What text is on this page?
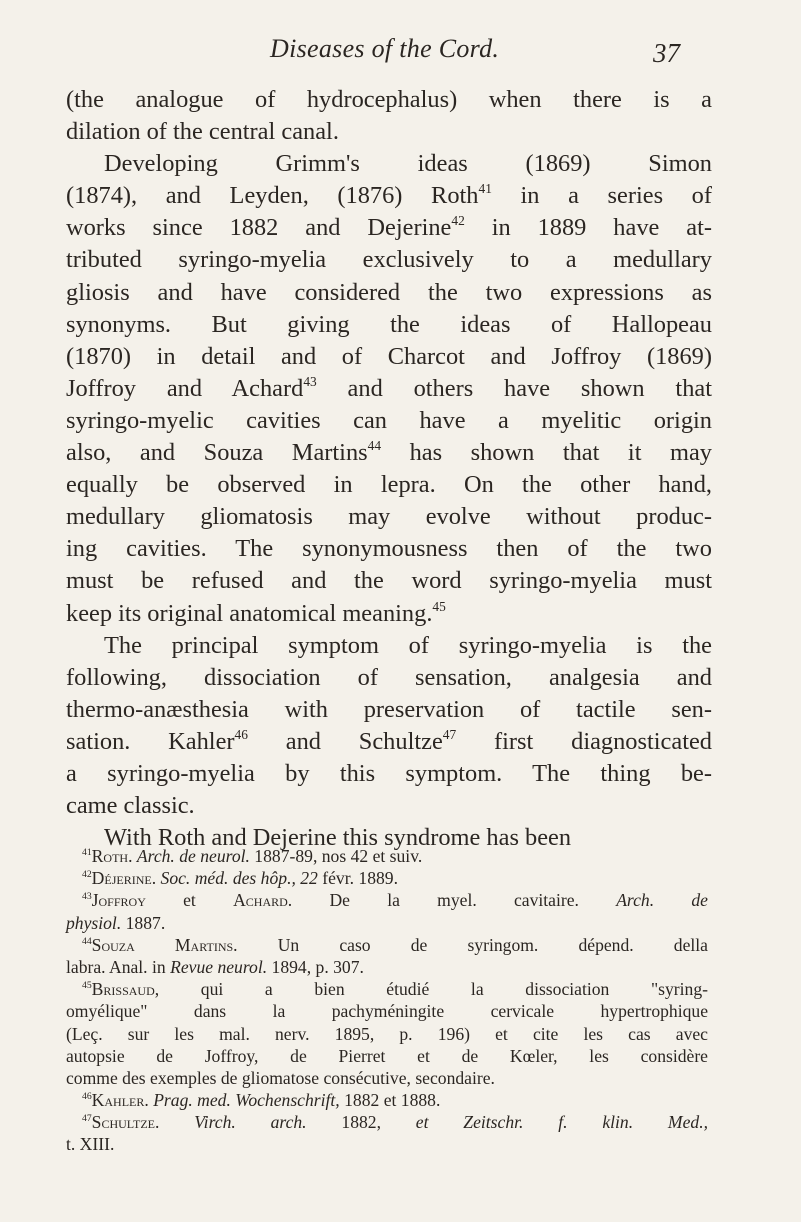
Diseases of the Cord.	37
(the analogue of hydrocephalus) when there is a
dilation of the central canal.
Developing Grimm's ideas (1869) Simon
(1874), and Leyden, (1876) Roth$^{41}$ in a series of
works since 1882 and Dejerine$^{42}$ in 1889 have at-
tributed syringo-myelia exclusively to a medullary
gliosis and have considered the two expressions as
synonyms. But giving the ideas of Hallopeau
(1870) in detail and of Charcot and Joffroy (1869)
Joffroy and Achard$^{43}$ and others have shown that
syringo-myelic cavities can have a myelitic origin
also, and Souza Martins$^{44}$ has shown that it may
equally be observed in lepra. On the other hand,
medullary gliomatosis may evolve without produc-
ing cavities. The synonymousness then of the two
must be refused and the word syringo-myelia must
keep its original anatomical meaning.$^{45}$
The principal symptom of syringo-myelia is the
following, dissociation of sensation, analgesia and
thermo-anæsthesia with preservation of tactile sen-
sation. Kahler$^{46}$ and Schultze$^{47}$ first diagnosticated
a syringo-myelia by this symptom. The thing be-
came classic.
With Roth and Dejerine this syndrome has been
$^{41}$Roth. Arch. de neurol. 1887-89, nos 42 et suiv.
$^{42}$Déjerine. Soc. méd. des hôp., 22 févr. 1889.
$^{43}$Joffroy et Achard. De la myel. cavitaire. Arch. de
physiol. 1887.
$^{44}$Souza Martins. Un caso de syringom. dépend. della
labra. Anal. in Revue neurol. 1894, p. 307.
$^{45}$Brissaud, qui a bien étudié la dissociation "syring-
omyélique" dans la pachyméningite cervicale hypertrophique
(Leç. sur les mal. nerv. 1895, p. 196) et cite les cas avec
autopsie de Joffroy, de Pierret et de Kœler, les considère
comme des exemples de gliomatose consécutive, secondaire.
$^{46}$Kahler. Prag. med. Wochenschrift, 1882 et 1888.
$^{47}$Schultze. Virch. arch. 1882, et Zeitschr. f. klin. Med.,
t. XIII.
